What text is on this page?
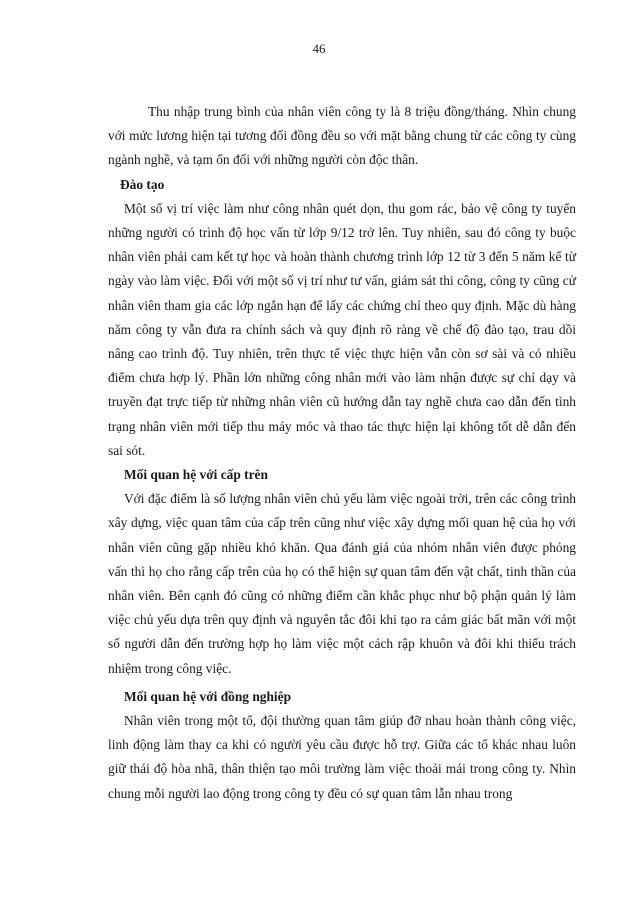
46

Thu nhập trung bình của nhân viên công ty là 8 triệu đồng/tháng. Nhìn chung với mức lương hiện tại tương đối đồng đều so với mặt bằng chung từ các công ty cùng ngành nghề, và tạm ổn đối với những người còn độc thân.

Đào tạo

Một số vị trí việc làm như công nhân quét dọn, thu gom rác, bảo vệ công ty tuyển những người có trình độ học vấn từ lớp 9/12 trở lên. Tuy nhiên, sau đó công ty buộc nhân viên phải cam kết tự học và hoàn thành chương trình lớp 12 từ 3 đến 5 năm kể từ ngày vào làm việc. Đối với một số vị trí như tư vấn, giám sát thi công, công ty cũng cử nhân viên tham gia các lớp ngắn hạn để lấy các chứng chỉ theo quy định. Mặc dù hàng năm công ty vẫn đưa ra chính sách và quy định rõ ràng về chế độ đào tạo, trau dồi nâng cao trình độ. Tuy nhiên, trên thực tế việc thực hiện vẫn còn sơ sài và có nhiều điểm chưa hợp lý. Phần lớn những công nhân mới vào làm nhận được sự chỉ dạy và truyền đạt trực tiếp từ những nhân viên cũ hướng dẫn tay nghề chưa cao dẫn đến tình trạng nhân viên mới tiếp thu máy móc và thao tác thực hiện lại không tốt dễ dẫn đến sai sót.

Mối quan hệ với cấp trên

Với đặc điểm là số lượng nhân viên chủ yếu làm việc ngoài trời, trên các công trình xây dựng, việc quan tâm của cấp trên cũng như việc xây dựng mối quan hệ của họ với nhân viên cũng gặp nhiều khó khăn. Qua đánh giá của nhóm nhân viên được phỏng vấn thì họ cho rằng cấp trên của họ có thể hiện sự quan tâm đến vật chất, tinh thần của nhân viên. Bên cạnh đó cũng có những điểm cần khắc phục như bộ phận quản lý làm việc chủ yếu dựa trên quy định và nguyên tắc đôi khi tạo ra cảm giác bất mãn với một số người dẫn đến trường hợp họ làm việc một cách rập khuôn và đôi khi thiếu trách nhiệm trong công việc.

Mối quan hệ với đồng nghiệp

Nhân viên trong một tổ, đội thường quan tâm giúp đỡ nhau hoàn thành công việc, linh động làm thay ca khi có người yêu cầu được hỗ trợ. Giữa các tổ khác nhau luôn giữ thái độ hòa nhã, thân thiện tạo môi trường làm việc thoải mái trong công ty. Nhìn chung mỗi người lao động trong công ty đều có sự quan tâm lẫn nhau trong
